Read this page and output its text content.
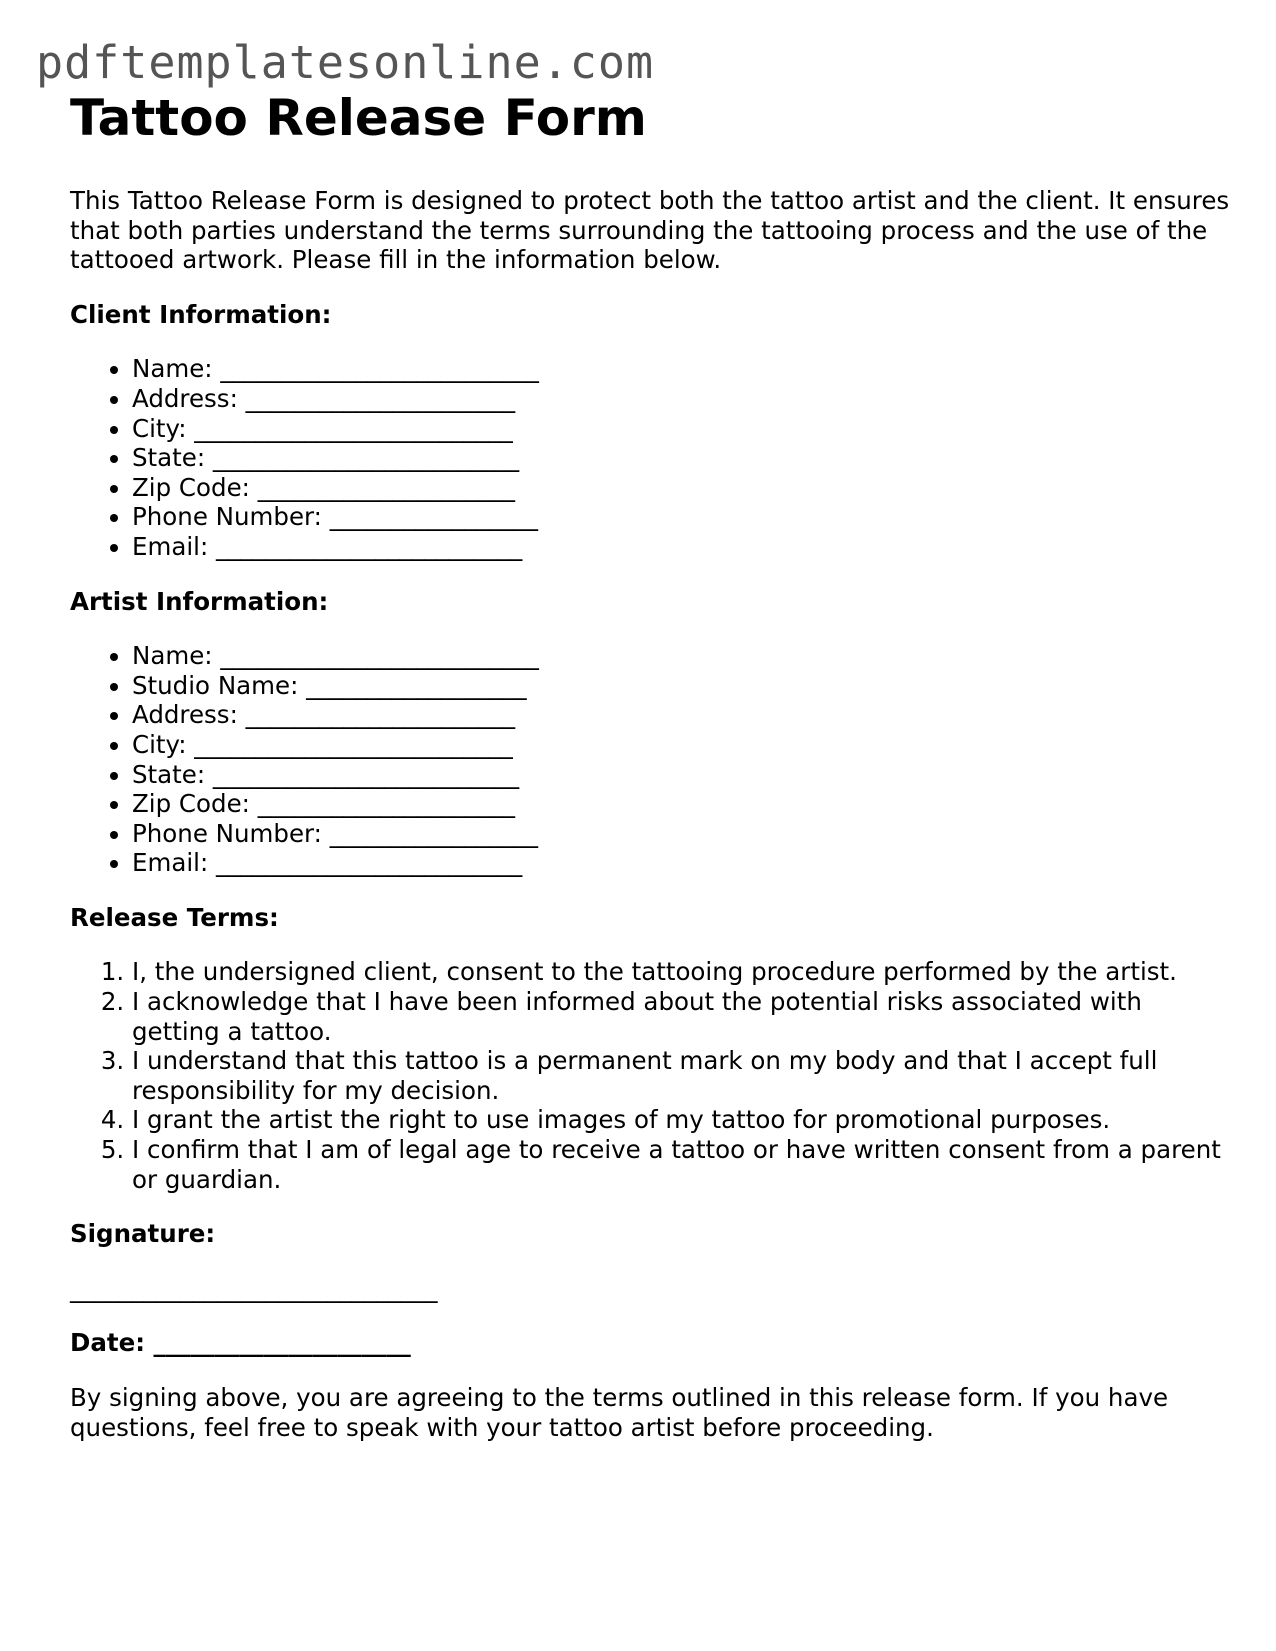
pdftemplatesonline.com
Tattoo Release Form

This Tattoo Release Form is designed to protect both the tattoo artist and the client. It ensures that both parties understand the terms surrounding the tattooing process and the use of the tattooed artwork. Please fill in the information below.

Client Information:
• Name: __________________________
• Address: ______________________
• City: __________________________
• State: _________________________
• Zip Code: _____________________
• Phone Number: _________________
• Email: _________________________
Artist Information:
• Name: __________________________
• Studio Name: __________________
• Address: ______________________
• City: __________________________
• State: _________________________
• Zip Code: _____________________
• Phone Number: _________________
• Email: _________________________
Release Terms:
1. I, the undersigned client, consent to the tattooing procedure performed by the artist.
2. I acknowledge that I have been informed about the potential risks associated with getting a tattoo.
3. I understand that this tattoo is a permanent mark on my body and that I accept full responsibility for my decision.
4. I grant the artist the right to use images of my tattoo for promotional purposes.
5. I confirm that I am of legal age to receive a tattoo or have written consent from a parent or guardian.
Signature:
______________________________
Date: _____________________

By signing above, you are agreeing to the terms outlined in this release form. If you have questions, feel free to speak with your tattoo artist before proceeding.
